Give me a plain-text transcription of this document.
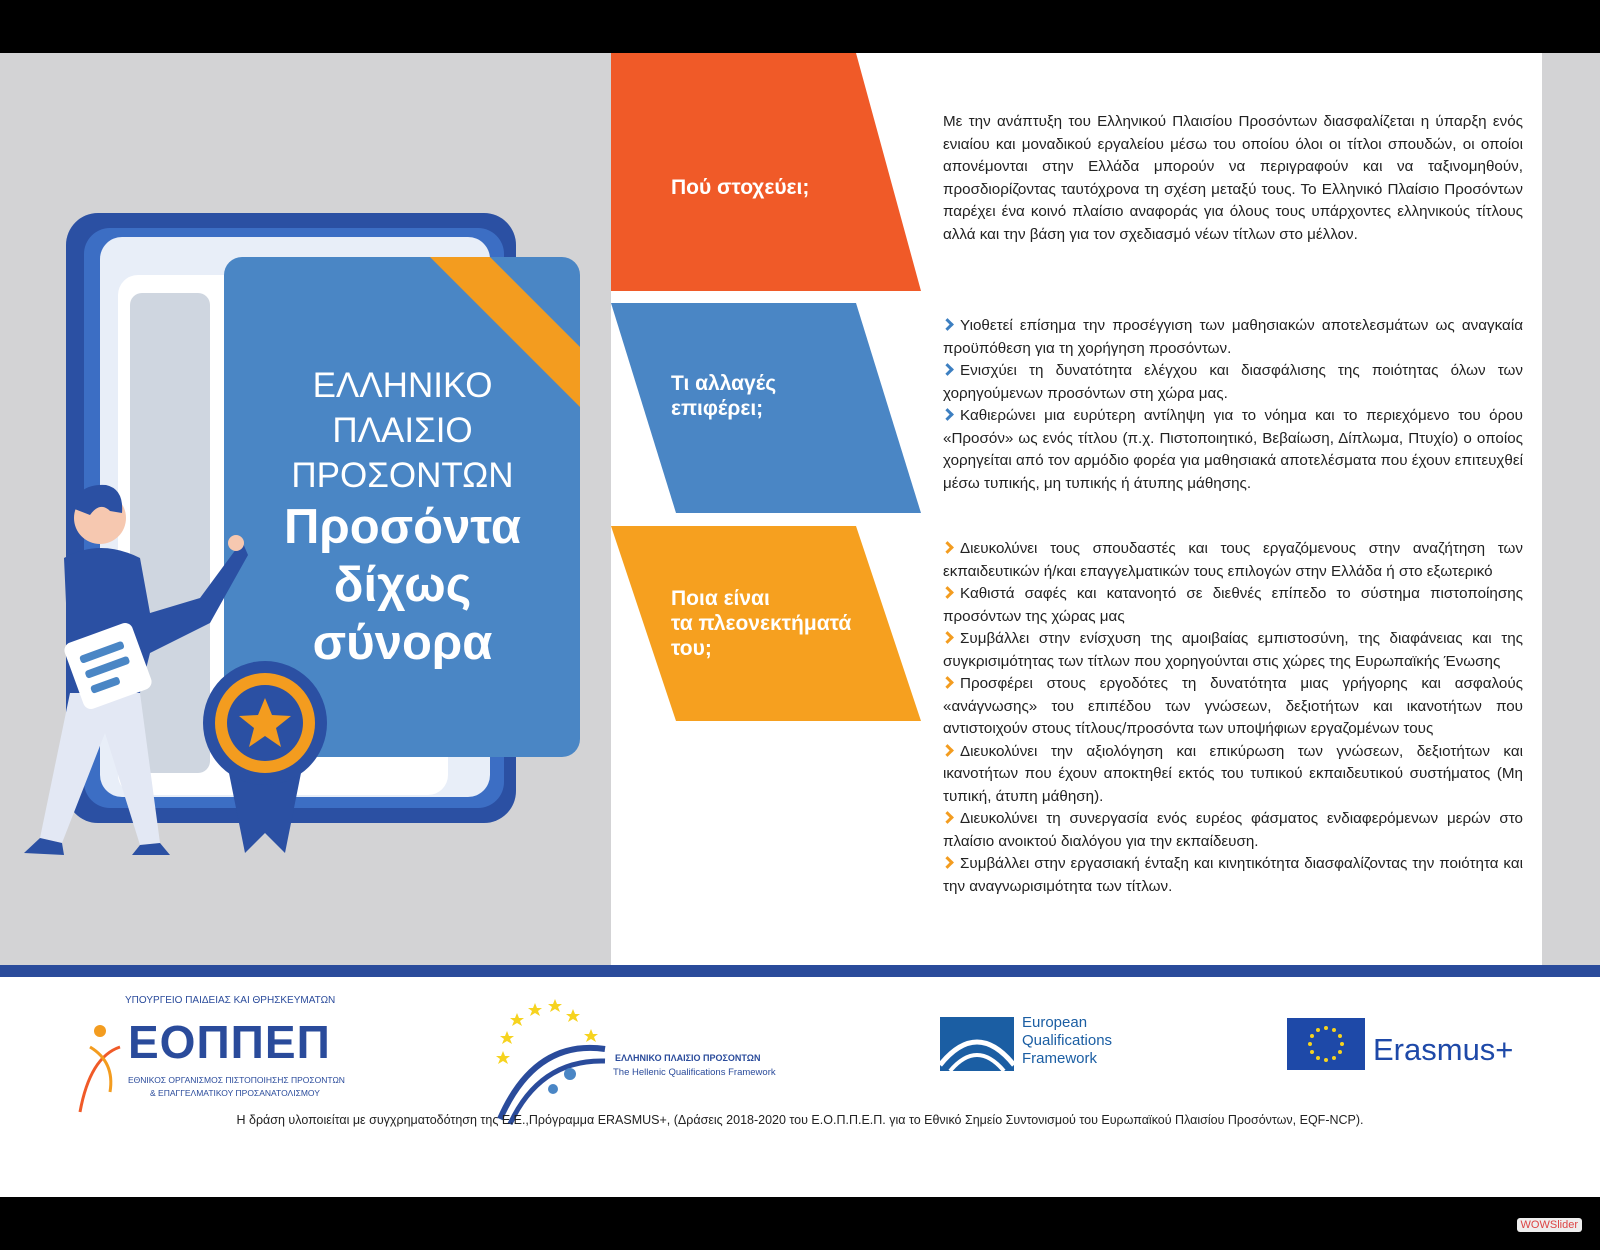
ΕΛΛΗΝΙΚΟ
ΠΛΑΙΣΙΟ
ΠΡΟΣΟΝΤΩΝ
Προσόντα
δίχως
σύνορα
Πού στοχεύει;
Με την ανάπτυξη του Ελληνικού Πλαισίου Προσόντων διασφαλίζεται η ύπαρξη ενός ενιαίου και μοναδικού εργαλείου μέσω του οποίου όλοι οι τίτλοι σπουδών, οι οποίοι απονέμονται στην Ελλάδα μπορούν να περιγραφούν και να ταξινομηθούν, προσδιορίζοντας ταυτόχρονα τη σχέση μεταξύ τους. Το Ελληνικό Πλαίσιο Προσόντων παρέχει ένα κοινό πλαίσιο αναφοράς για όλους τους υπάρχοντες ελληνικούς τίτλους αλλά και την βάση για τον σχεδιασμό νέων τίτλων στο μέλλον.
Τι αλλαγές
επιφέρει;
Υιοθετεί επίσημα την προσέγγιση των μαθησιακών αποτελεσμάτων ως αναγκαία προϋπόθεση για τη χορήγηση προσόντων.
Ενισχύει τη δυνατότητα ελέγχου και διασφάλισης της ποιότητας όλων των χορηγούμενων προσόντων στη χώρα μας.
Καθιερώνει μια ευρύτερη αντίληψη για το νόημα και το περιεχόμενο του όρου «Προσόν» ως ενός τίτλου (π.χ. Πιστοποιητικό, Βεβαίωση, Δίπλωμα, Πτυχίο) ο οποίος χορηγείται από τον αρμόδιο φορέα για μαθησιακά αποτελέσματα που έχουν επιτευχθεί μέσω τυπικής, μη τυπικής ή άτυπης μάθησης.
Ποια είναι
τα πλεονεκτήματά
του;
Διευκολύνει τους σπουδαστές και τους εργαζόμενους στην αναζήτηση των εκπαιδευτικών ή/και επαγγελματικών τους επιλογών στην Ελλάδα ή στο εξωτερικό
Καθιστά σαφές και κατανοητό σε διεθνές επίπεδο το σύστημα πιστοποίησης προσόντων της χώρας μας
Συμβάλλει στην ενίσχυση της αμοιβαίας εμπιστοσύνη, της διαφάνειας και της συγκρισιμότητας των τίτλων που χορηγούνται στις χώρες της Ευρωπαϊκής Ένωσης
Προσφέρει στους εργοδότες τη δυνατότητα μιας γρήγορης και ασφαλούς «ανάγνωσης» του επιπέδου των γνώσεων, δεξιοτήτων και ικανοτήτων που αντιστοιχούν στους τίτλους/προσόντα των υποψήφιων εργαζομένων τους
Διευκολύνει την αξιολόγηση και επικύρωση των γνώσεων, δεξιοτήτων και ικανοτήτων που έχουν αποκτηθεί εκτός του τυπικού εκπαιδευτικού συστήματος (Μη τυπική, άτυπη μάθηση).
Διευκολύνει τη συνεργασία ενός ευρέος φάσματος ενδιαφερόμενων μερών στο πλαίσιο ανοικτού διαλόγου για την εκπαίδευση.
Συμβάλλει στην εργασιακή ένταξη και κινητικότητα διασφαλίζοντας την ποιότητα και την αναγνωρισιμότητα των τίτλων.
ΥΠΟΥΡΓΕΙΟ ΠΑΙΔΕΙΑΣ ΚΑΙ ΘΡΗΣΚΕΥΜΑΤΩΝ
ΕΟΠΠΕΠ
ΕΘΝΙΚΟΣ ΟΡΓΑΝΙΣΜΟΣ ΠΙΣΤΟΠΟΙΗΣΗΣ ΠΡΟΣΟΝΤΩΝ
& ΕΠΑΓΓΕΛΜΑΤΙΚΟΥ ΠΡΟΣΑΝΑΤΟΛΙΣΜΟΥ
ΕΛΛΗΝΙΚΟ ΠΛΑΙΣΙΟ ΠΡΟΣΟΝΤΩΝ
The Hellenic Qualifications Framework
European
Qualifications
Framework	Erasmus+
Η δράση υλοποιείται με συγχρηματοδότηση της Ε.Ε.,Πρόγραμμα ERASMUS+, (Δράσεις 2018-2020 του Ε.Ο.Π.Π.Ε.Π. για το Εθνικό Σημείο Συντονισμού του Ευρωπαϊκού Πλαισίου Προσόντων, EQF-NCP).
WOWSlider
